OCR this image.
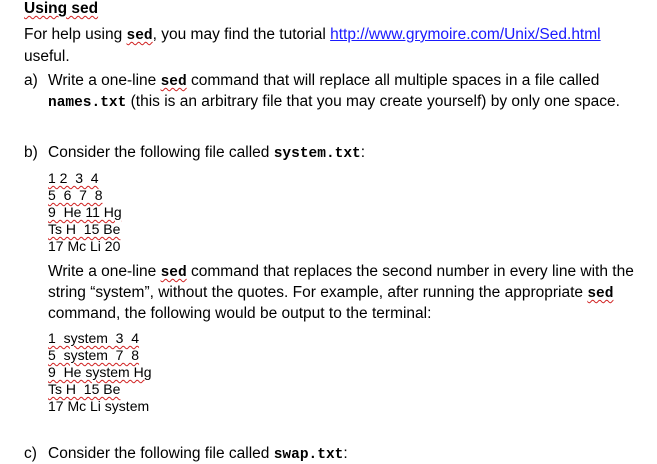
Using sed
For help using sed, you may find the tutorial http://www.grymoire.com/Unix/Sed.html
useful.
a) Write a one-line sed command that will replace all multiple spaces in a file called
names.txt (this is an arbitrary file that you may create yourself) by only one space.
b) Consider the following file called system.txt:
1 2  3  4
5  6  7  8
9  He 11 Hg
Ts H  15 Be
17 Mc Li 20
Write a one-line sed command that replaces the second number in every line with the
string “system”, without the quotes. For example, after running the appropriate sed
command, the following would be output to the terminal:
1  system  3  4
5  system  7  8
9  He system Hg
Ts H  15 Be
17 Mc Li system
c) Consider the following file called swap.txt:
